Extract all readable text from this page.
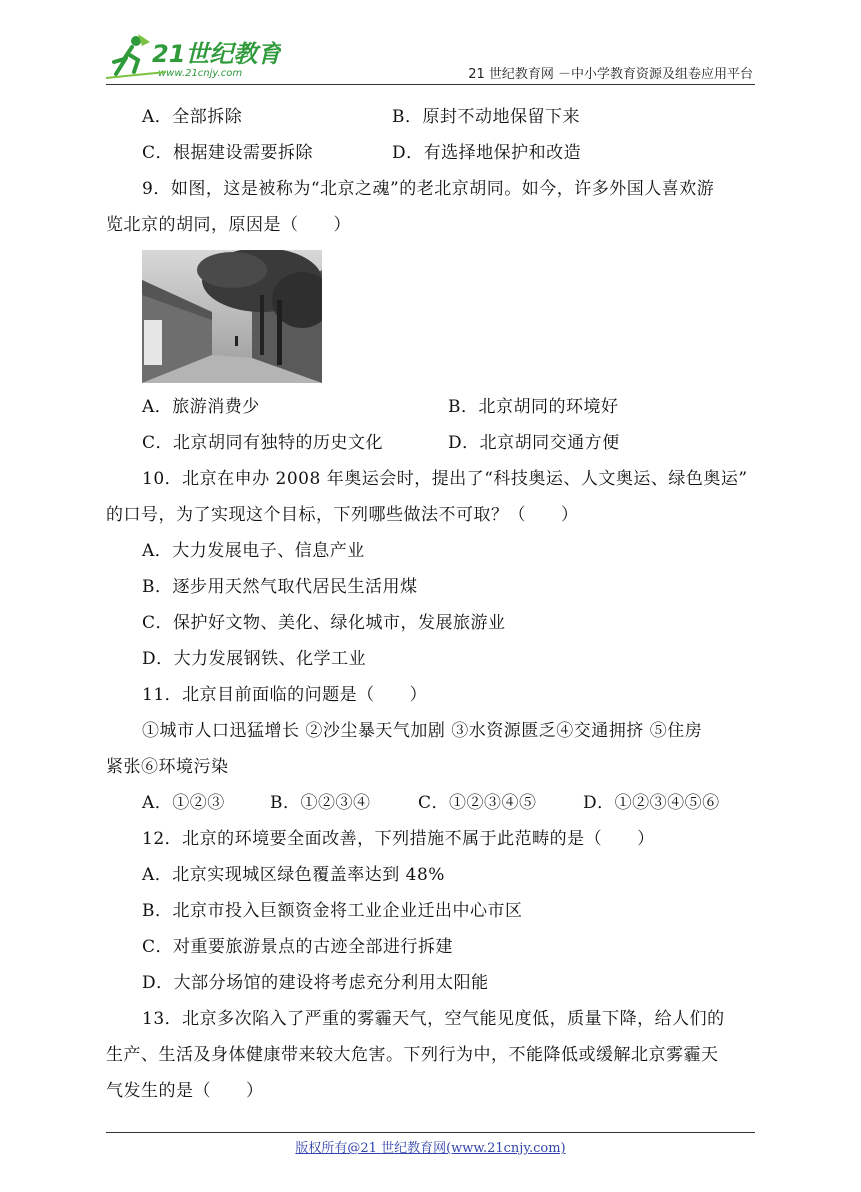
21世纪教育
www.21cnjy.com	21 世纪教育网 －中小学教育资源及组卷应用平台
A．全部拆除	B．原封不动地保留下来
C．根据建设需要拆除	D．有选择地保护和改造
9．如图，这是被称为“北京之魂”的老北京胡同。如今，许多外国人喜欢游
览北京的胡同，原因是（　　）
A．旅游消费少	B．北京胡同的环境好
C．北京胡同有独特的历史文化	D．北京胡同交通方便
10．北京在申办 2008 年奥运会时，提出了“科技奥运、人文奥运、绿色奥运”
的口号，为了实现这个目标，下列哪些做法不可取？（　　）
A．大力发展电子、信息产业
B．逐步用天然气取代居民生活用煤
C．保护好文物、美化、绿化城市，发展旅游业
D．大力发展钢铁、化学工业
11．北京目前面临的问题是（　　）
①城市人口迅猛增长 ②沙尘暴天气加剧 ③水资源匮乏④交通拥挤 ⑤住房
紧张⑥环境污染
A．①②③	B．①②③④	C．①②③④⑤	D．①②③④⑤⑥
12．北京的环境要全面改善，下列措施不属于此范畴的是（　　）
A．北京实现城区绿色覆盖率达到 48%
B．北京市投入巨额资金将工业企业迁出中心市区
C．对重要旅游景点的古迹全部进行拆建
D．大部分场馆的建设将考虑充分利用太阳能
13．北京多次陷入了严重的雾霾天气，空气能见度低，质量下降，给人们的
生产、生活及身体健康带来较大危害。下列行为中，不能降低或缓解北京雾霾天
气发生的是（　　）
版权所有@21 世纪教育网(www.21cnjy.com)
